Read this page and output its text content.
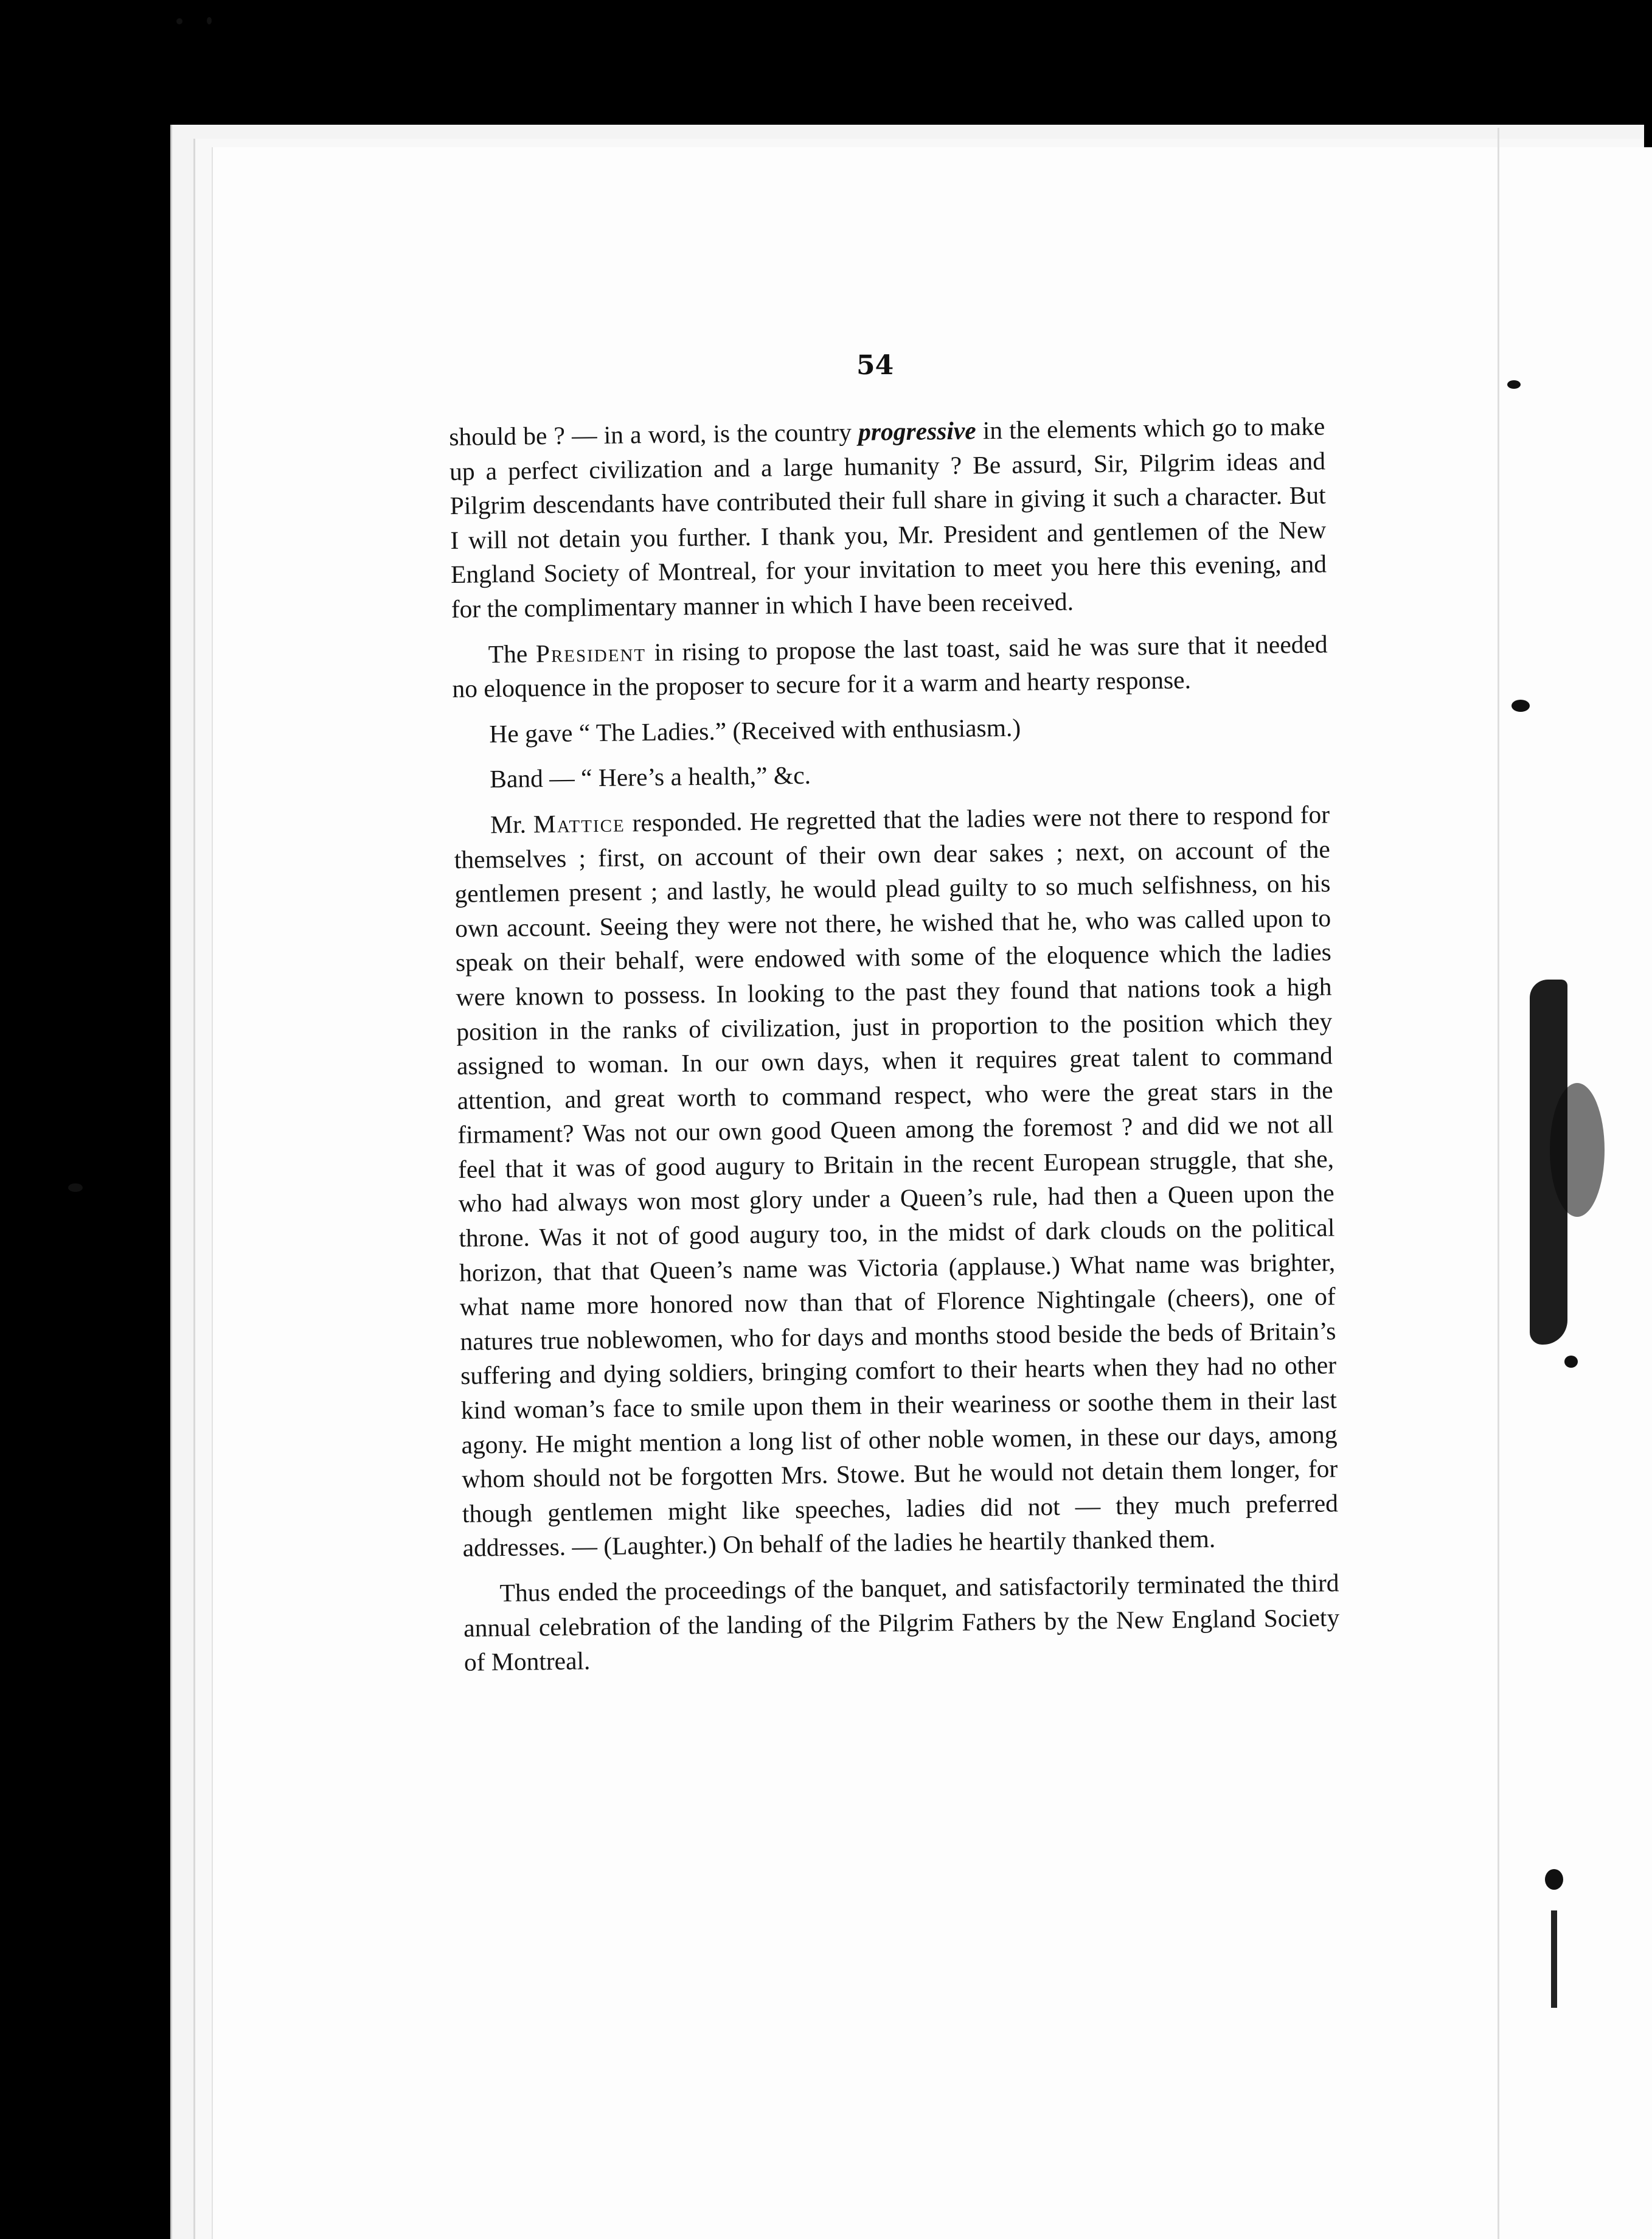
54

should be ? — in a word, is the country progressive in the elements which go to make up a perfect civilization and a large humanity ? Be assurd, Sir, Pilgrim ideas and Pilgrim descendants have contributed their full share in giving it such a character. But I will not detain you further. I thank you, Mr. President and gentlemen of the New England Society of Montreal, for your invitation to meet you here this evening, and for the complimentary manner in which I have been received.

The President in rising to propose the last toast, said he was sure that it needed no eloquence in the proposer to secure for it a warm and hearty response.

He gave “ The Ladies.” (Received with enthusiasm.)

Band — “ Here’s a health,” &c.

Mr. Mattice responded. He regretted that the ladies were not there to respond for themselves ; first, on account of their own dear sakes ; next, on account of the gentlemen present ; and lastly, he would plead guilty to so much selfishness, on his own account. Seeing they were not there, he wished that he, who was called upon to speak on their behalf, were endowed with some of the eloquence which the ladies were known to possess. In looking to the past they found that nations took a high position in the ranks of civilization, just in proportion to the position which they assigned to woman. In our own days, when it requires great talent to command attention, and great worth to command respect, who were the great stars in the firmament? Was not our own good Queen among the foremost ? and did we not all feel that it was of good augury to Britain in the recent European struggle, that she, who had always won most glory under a Queen’s rule, had then a Queen upon the throne. Was it not of good augury too, in the midst of dark clouds on the political horizon, that that Queen’s name was Victoria (applause.) What name was brighter, what name more honored now than that of Florence Nightingale (cheers), one of natures true noblewomen, who for days and months stood beside the beds of Britain’s suffering and dying soldiers, bringing comfort to their hearts when they had no other kind woman’s face to smile upon them in their weariness or soothe them in their last agony. He might mention a long list of other noble women, in these our days, among whom should not be forgotten Mrs. Stowe. But he would not detain them longer, for though gentlemen might like speeches, ladies did not — they much preferred addresses. — (Laughter.) On behalf of the ladies he heartily thanked them.

Thus ended the proceedings of the banquet, and satisfactorily terminated the third annual celebration of the landing of the Pilgrim Fathers by the New England Society of Montreal.
